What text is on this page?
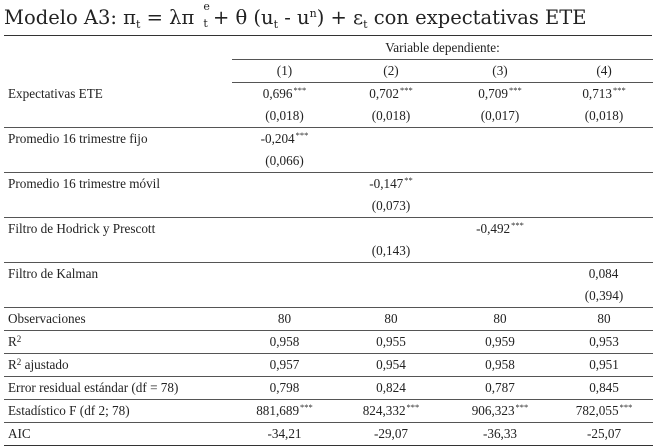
Modelo A3: $\pi_t = \lambda\pi$ e
t + θ $(u_t - u^n) + \varepsilon_t$ con expectativas ETE
	Variable dependiente:			
	(1)	(2)	(3)	(4)
Expectativas ETE	0,696***	0,702***	0,709***	0,713***
	(0,018)	(0,018)	(0,017)	(0,018)
Promedio 16 trimestre fijo	-0,204***			
	(0,066)			
Promedio 16 trimestre móvil		-0,147**		
		(0,073)		
Filtro de Hodrick y Prescott			-0,492***	
		(0,143)		
Filtro de Kalman				0,084
				(0,394)
Observaciones	80	80	80	80
$R^2$	0,958	0,955	0,959	0,953
$R^2$ ajustado	0,957	0,954	0,958	0,951
Error residual estándar (df = 78)	0,798	0,824	0,787	0,845
Estadístico F (df 2; 78)	881,689***	824,332***	906,323***	782,055***
AIC	-34,21	-29,07	-36,33	-25,07
